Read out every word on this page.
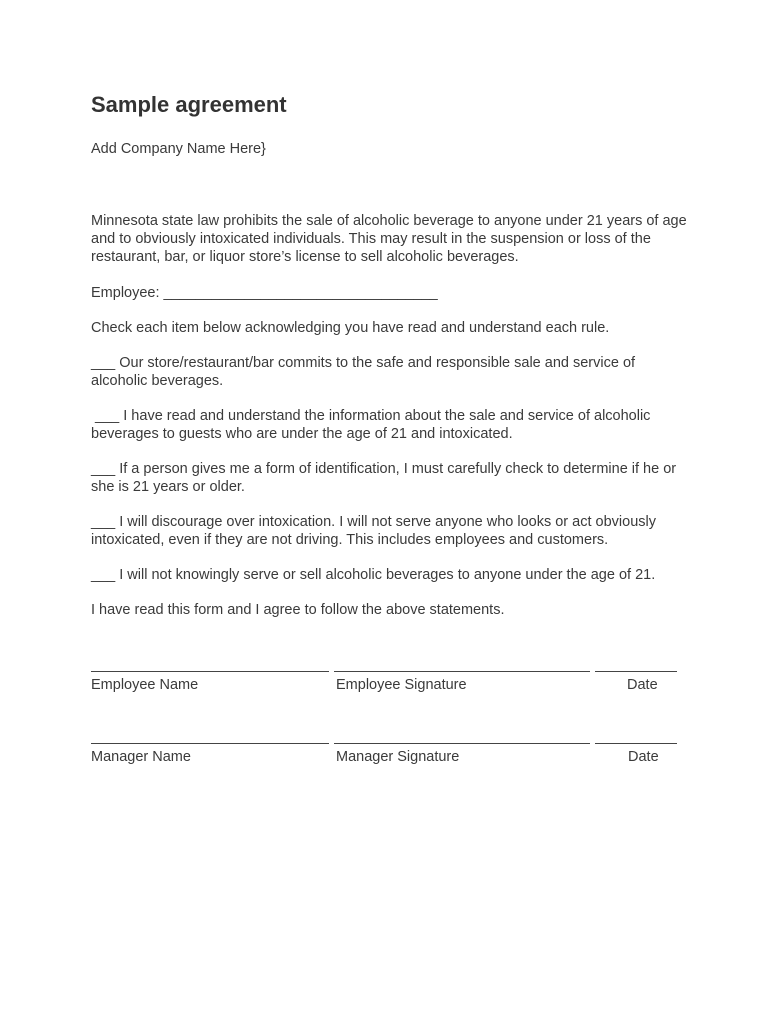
Sample agreement
Add Company Name Here}

Minnesota state law prohibits the sale of alcoholic beverage to anyone under 21 years of age and to obviously intoxicated individuals. This may result in the suspension or loss of the restaurant, bar, or liquor store’s license to sell alcoholic beverages.

Employee: __________________________________

Check each item below acknowledging you have read and understand each rule.

___ Our store/restaurant/bar commits to the safe and responsible sale and service of alcoholic beverages.

___ I have read and understand the information about the sale and service of alcoholic beverages to guests who are under the age of 21 and intoxicated.

___ If a person gives me a form of identification, I must carefully check to determine if he or she is 21 years or older.

___ I will discourage over intoxication. I will not serve anyone who looks or act obviously intoxicated, even if they are not driving. This includes employees and customers.

___ I will not knowingly serve or sell alcoholic beverages to anyone under the age of 21.

I have read this form and I agree to follow the above statements.

Employee Name	Employee Signature	Date
Manager Name	Manager Signature	Date
